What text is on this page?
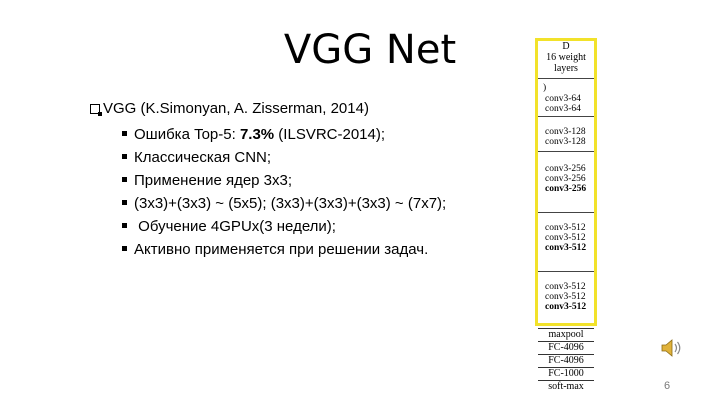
VGG Net
VGG (K.Simonyan, A. Zisserman, 2014)
Ошибка Top-5: 7.3% (ILSVRC-2014);
Классическая CNN;
Применение ядер 3х3;
(3х3)+(3х3) ~ (5х5); (3х3)+(3х3)+(3х3) ~ (7х7);
Обучение 4GPUx(3 недели);
Активно применяется при решении задач.
D
16 weight
layers
)
conv3-64
conv3-64
conv3-128
conv3-128
conv3-256
conv3-256
conv3-256
conv3-512
conv3-512
conv3-512
conv3-512
conv3-512
conv3-512
maxpool
FC-4096
FC-4096
FC-1000
soft-max	6
